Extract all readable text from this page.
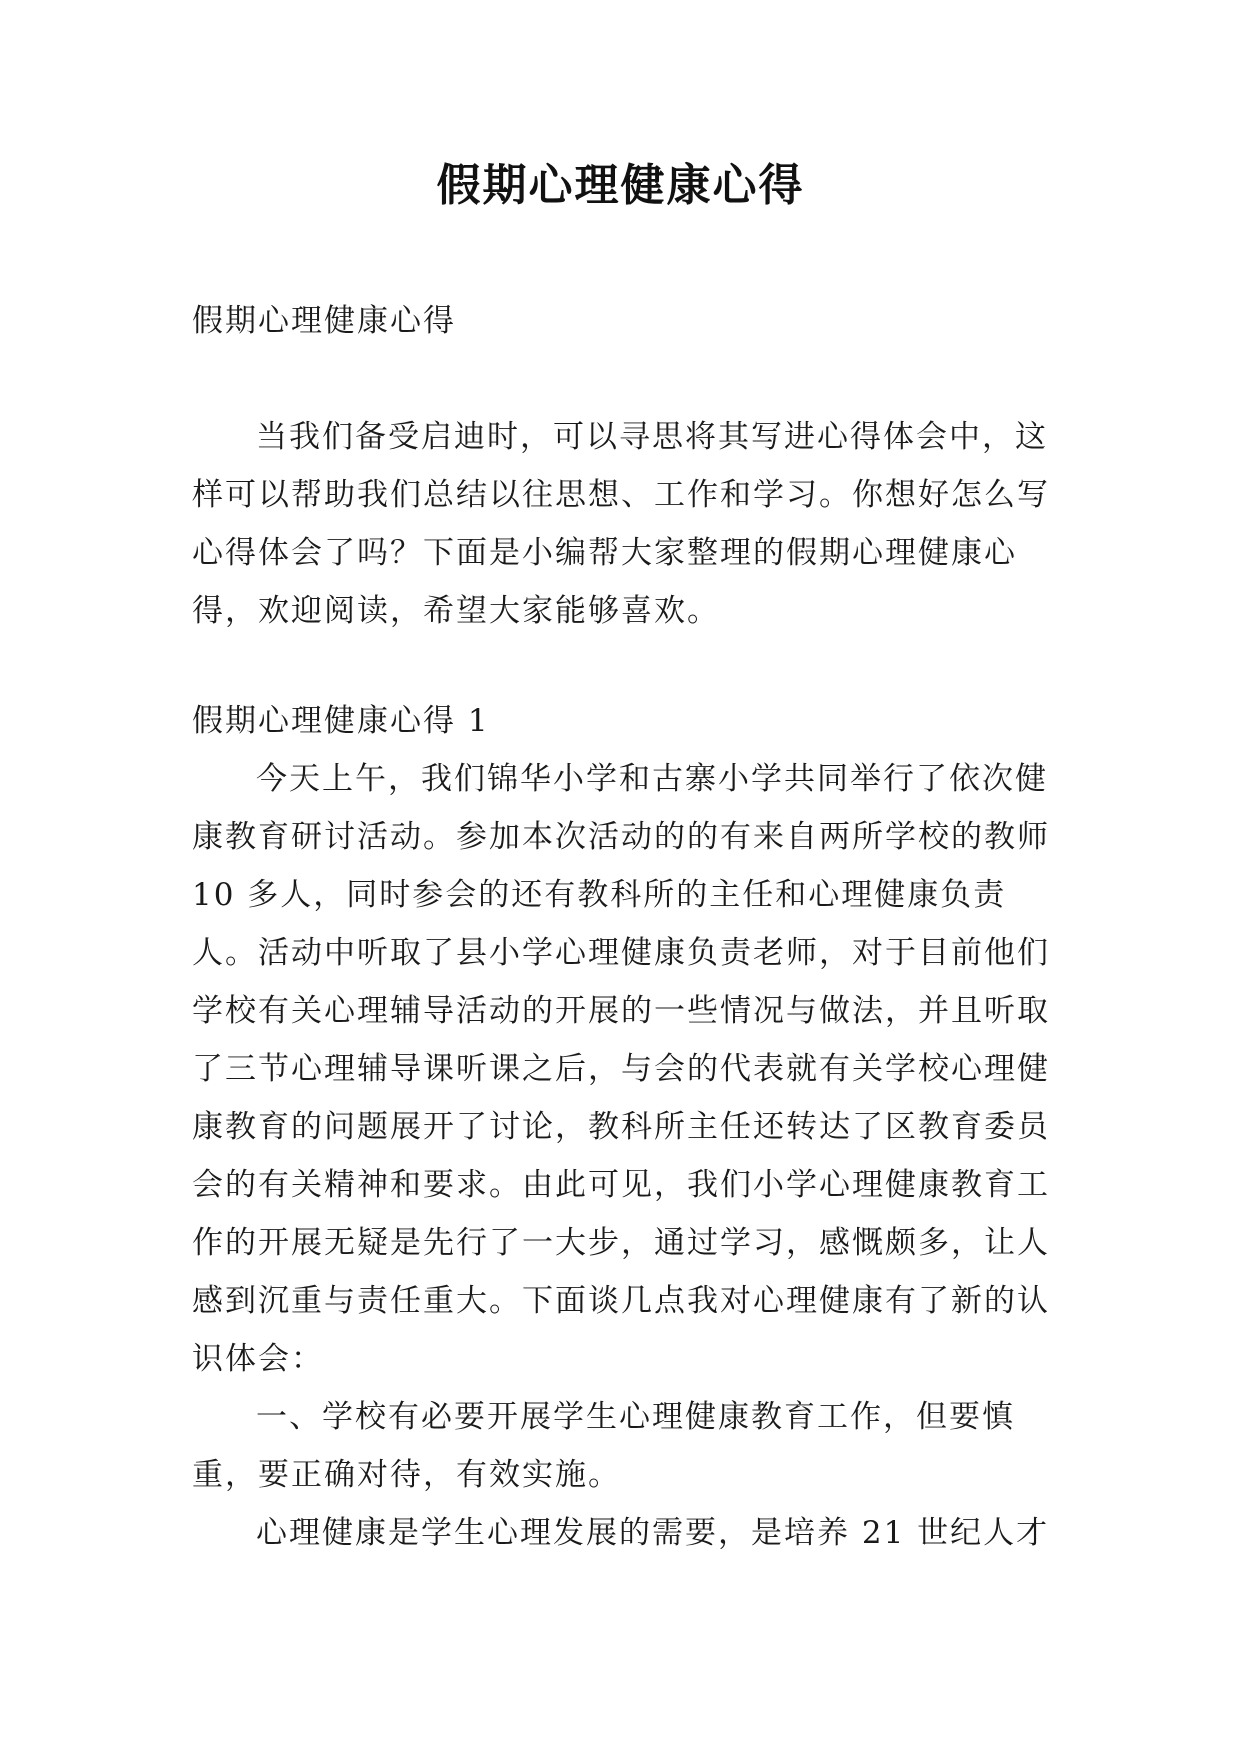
假期心理健康心得

假期心理健康心得

当我们备受启迪时，可以寻思将其写进心得体会中，这样可以帮助我们总结以往思想、工作和学习。你想好怎么写心得体会了吗？下面是小编帮大家整理的假期心理健康心得，欢迎阅读，希望大家能够喜欢。

假期心理健康心得 1

今天上午，我们锦华小学和古寨小学共同举行了依次健康教育研讨活动。参加本次活动的的有来自两所学校的教师 10 多人，同时参会的还有教科所的主任和心理健康负责人。活动中听取了县小学心理健康负责老师，对于目前他们学校有关心理辅导活动的开展的一些情况与做法，并且听取了三节心理辅导课听课之后，与会的代表就有关学校心理健康教育的问题展开了讨论，教科所主任还转达了区教育委员会的有关精神和要求。由此可见，我们小学心理健康教育工作的开展无疑是先行了一大步，通过学习，感慨颇多，让人感到沉重与责任重大。下面谈几点我对心理健康有了新的认识体会：

一、学校有必要开展学生心理健康教育工作，但要慎重，要正确对待，有效实施。

心理健康是学生心理发展的需要，是培养 21 世纪人才
